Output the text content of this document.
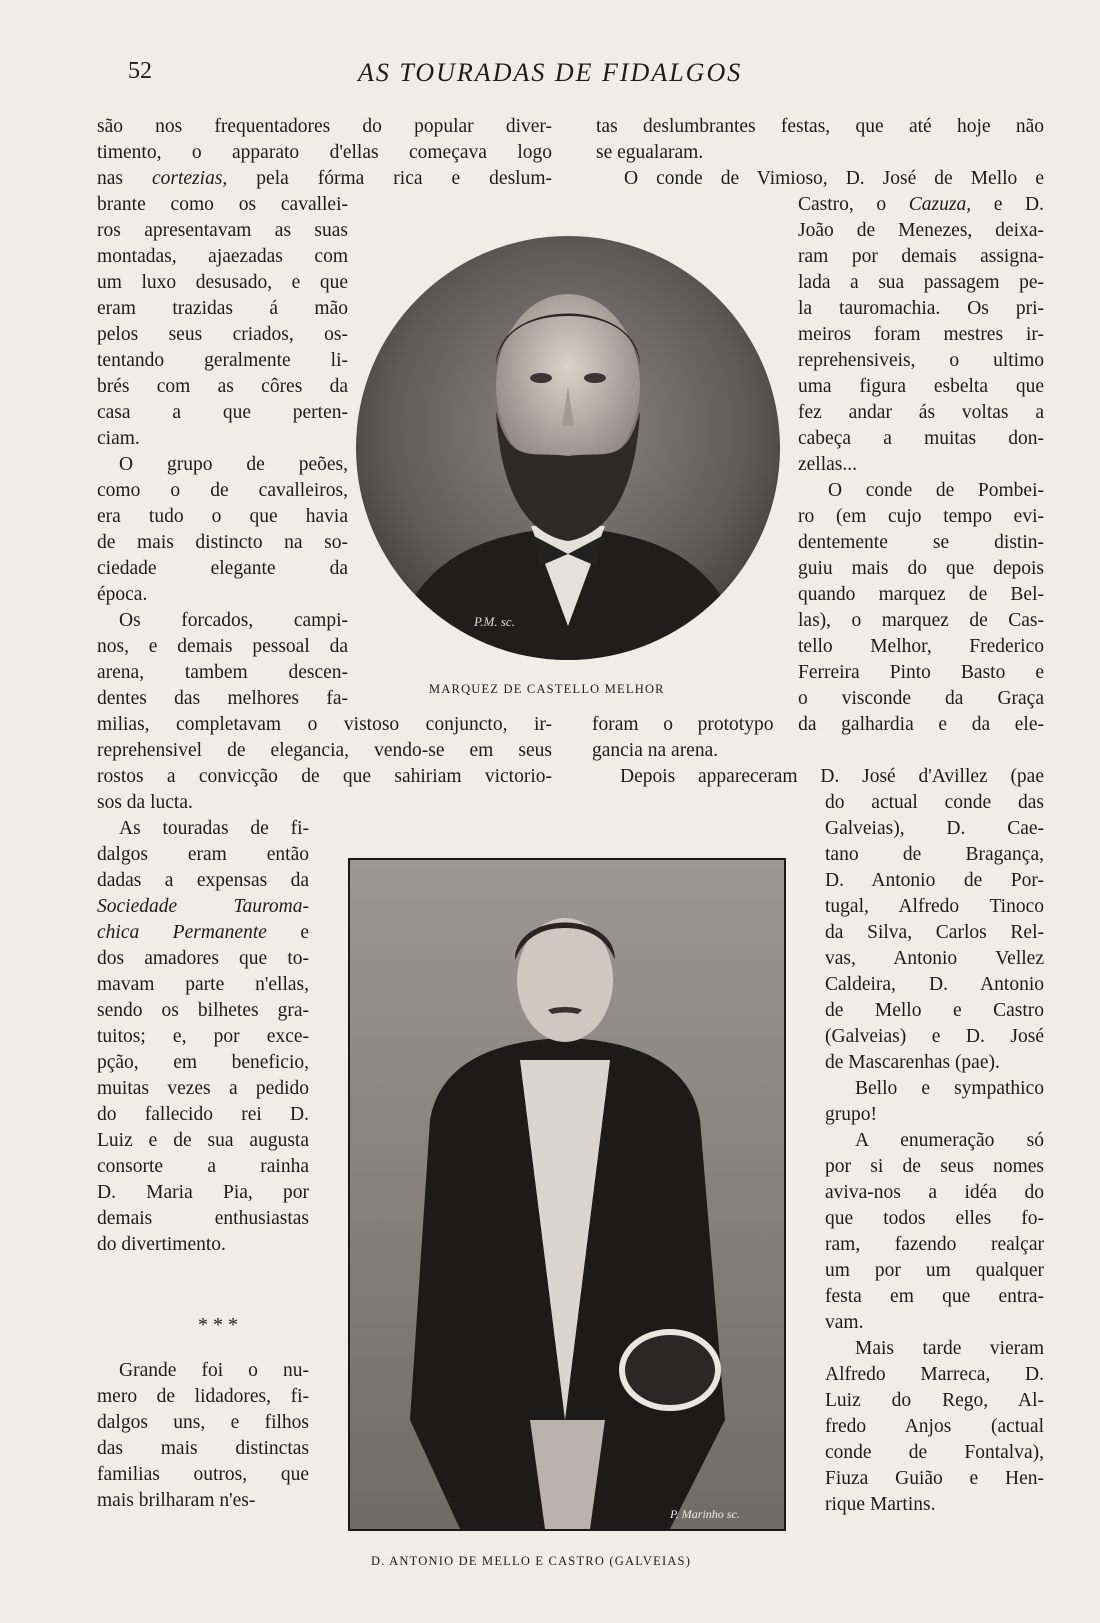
52	AS TOURADAS DE FIDALGOS
P.M. sc.
MARQUEZ DE CASTELLO MELHOR
P. Marinho sc.
D. ANTONIO DE MELLO E CASTRO (GALVEIAS)
* * *
são nos frequentadores do popular diver-
timento, o apparato d'ellas começava logo
nas cortezias, pela fórma rica e deslum-
brante como os cavallei-
ros apresentavam as suas
montadas, ajaezadas com
um luxo desusado, e que
eram trazidas á mão
pelos seus criados, os-
tentando geralmente li-
brés com as côres da
casa a que perten-
ciam.
O grupo de peões,
como o de cavalleiros,
era tudo o que havia
de mais distincto na so-
ciedade elegante da
época.
Os forcados, campi-
nos, e demais pessoal da
arena, tambem descen-
dentes das melhores fa-
milias, completavam o vistoso conjuncto, ir-
reprehensivel de elegancia, vendo-se em seus
rostos a convicção de que sahiriam victorio-
sos da lucta.
As touradas de fi-
dalgos eram então
dadas a expensas da
Sociedade Tauroma-
chica Permanente e
dos amadores que to-
mavam parte n'ellas,
sendo os bilhetes gra-
tuitos; e, por exce-
pção, em beneficio,
muitas vezes a pedido
do fallecido rei D.
Luiz e de sua augusta
consorte a rainha
D. Maria Pia, por
demais enthusiastas
do divertimento.
Grande foi o nu-
mero de lidadores, fi-
dalgos uns, e filhos
das mais distinctas
familias outros, que
mais brilharam n'es-
tas deslumbrantes festas, que até hoje não
se egualaram.
O conde de Vimioso, D. José de Mello e
Castro, o Cazuza, e D.
João de Menezes, deixa-
ram por demais assigna-
lada a sua passagem pe-
la tauromachia. Os pri-
meiros foram mestres ir-
reprehensiveis, o ultimo
uma figura esbelta que
fez andar ás voltas a
cabeça a muitas don-
zellas...
O conde de Pombei-
ro (em cujo tempo evi-
dentemente se distin-
guiu mais do que depois
quando marquez de Bel-
las), o marquez de Cas-
tello Melhor, Frederico
Ferreira Pinto Basto e
o visconde da Graça
foram o prototypo da galhardia e da ele-
gancia na arena.
Depois appareceram D. José d'Avillez (pae
do actual conde das
Galveias), D. Cae-
tano de Bragança,
D. Antonio de Por-
tugal, Alfredo Tinoco
da Silva, Carlos Rel-
vas, Antonio Vellez
Caldeira, D. Antonio
de Mello e Castro
(Galveias) e D. José
de Mascarenhas (pae).
Bello e sympathico
grupo!
A enumeração só
por si de seus nomes
aviva-nos a idéa do
que todos elles fo-
ram, fazendo realçar
um por um qualquer
festa em que entra-
vam.
Mais tarde vieram
Alfredo Marreca, D.
Luiz do Rego, Al-
fredo Anjos (actual
conde de Fontalva),
Fiuza Guião e Hen-
rique Martins.
